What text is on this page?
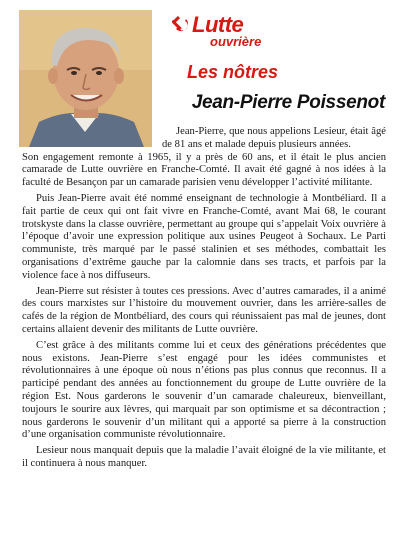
Lutte
ouvrière
Les nôtres
Jean-Pierre Poissenot

Jean-Pierre, que nous appelions Lesieur, était âgé de 81 ans et malade depuis plusieurs années.
Son engagement remonte à 1965, il y a près de 60 ans, et il était le plus ancien camarade de Lutte ouvrière en Franche-Comté. Il avait été gagné à nos idées à la faculté de Besançon par un camarade parisien venu développer l’activité militante.

Puis Jean-Pierre avait été nommé enseignant de technologie à Montbéliard. Il a fait partie de ceux qui ont fait vivre en Franche-Comté, avant Mai 68, le courant trotskyste dans la classe ouvrière, permettant au groupe qui s’appelait Voix ouvrière à l’époque d’avoir une expression politique aux usines Peugeot à Sochaux. Le Parti communiste, très marqué par le passé stalinien et ses méthodes, combattait les organisations d’extrême gauche par la calomnie dans ses tracts, et parfois par la violence face à nos diffuseurs.

Jean-Pierre sut résister à toutes ces pressions. Avec d’autres camarades, il a animé des cours marxistes sur l’histoire du mouvement ouvrier, dans les arrière-salles de cafés de la région de Montbéliard, des cours qui réunissaient pas mal de jeunes, dont certains allaient devenir des militants de Lutte ouvrière.

C’est grâce à des militants comme lui et ceux des générations précédentes que nous existons. Jean-Pierre s’est engagé pour les idées communistes et révolutionnaires à une époque où nous n’étions pas plus connus que reconnus. Il a participé pendant des années au fonctionnement du groupe de Lutte ouvrière de la région Est. Nous garderons le souvenir d’un camarade chaleureux, bienveillant, toujours le sourire aux lèvres, qui marquait par son optimisme et sa décontraction ; nous garderons le souvenir d’un militant qui a apporté sa pierre à la construction d’une organisation communiste révolutionnaire.

Lesieur nous manquait depuis que la maladie l’avait éloigné de la vie militante, et il continuera à nous manquer.
